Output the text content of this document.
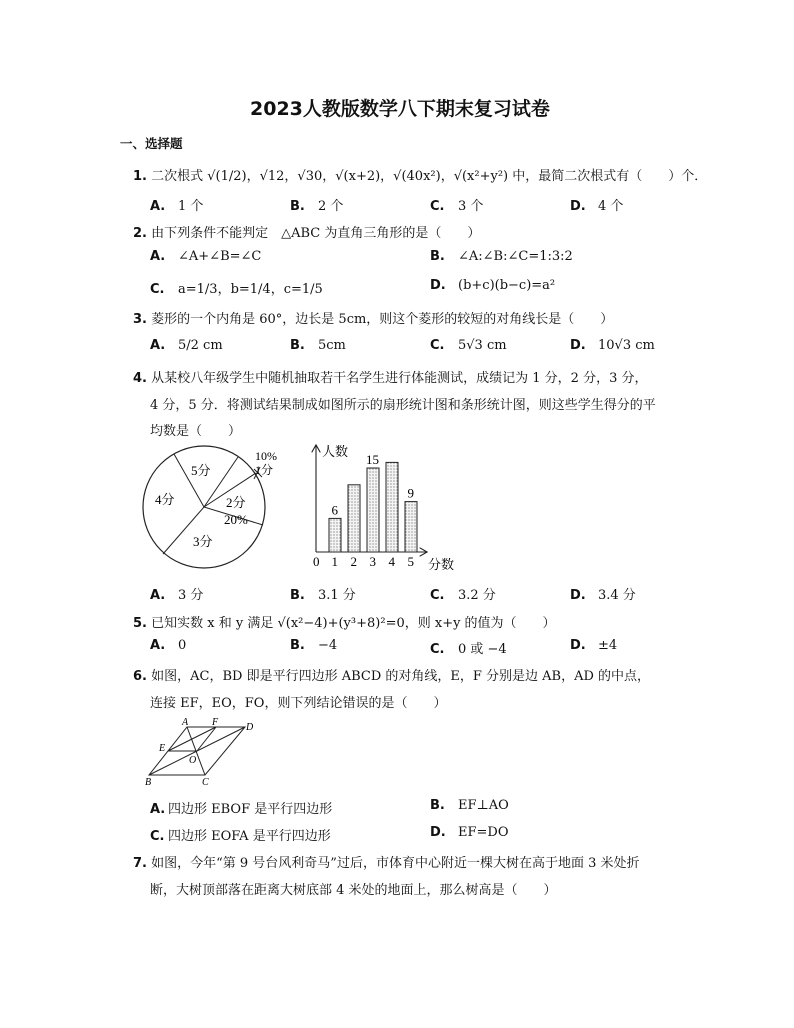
2023人教版数学八下期末复习试卷
一、选择题
1. 二次根式 √(1/2)，√12，√30，√(x+2)，√(40x²)，√(x²+y²) 中，最简二次根式有（　　）个．
A. 1 个	B. 2 个	C. 3 个	D. 4 个
2. 由下列条件不能判定　△ABC 为直角三角形的是（　　）
A. ∠A+∠B=∠C	B. ∠A:∠B:∠C=1:3:2
C. a=1/3，b=1/4，c=1/5	D. (b+c)(b−c)=a²
3. 菱形的一个内角是 60°，边长是 5cm，则这个菱形的较短的对角线长是（　　）
A. 5/2 cm	B. 5cm	C. 5√3 cm	D. 10√3 cm
4. 从某校八年级学生中随机抽取若干名学生进行体能测试，成绩记为 1 分，2 分，3 分，
4 分，5 分．将测试结果制成如图所示的扇形统计图和条形统计图，则这些学生得分的平
均数是（　　）
5分	1分
10%
2分
20%
3分
4分
人数
分数
0 1
6
2 3
15
4 5
9
A. 3 分	B. 3.1 分	C. 3.2 分	D. 3.4 分
5. 已知实数 x 和 y 满足 √(x²−4)+(y³+8)²=0，则 x+y 的值为（　　）
A. 0	B. −4	C. 0 或 −4	D. ±4
6. 如图，AC，BD 即是平行四边形 ABCD 的对角线，E，F 分别是边 AB，AD 的中点，
连接 EF，EO，FO，则下列结论错误的是（　　）
A F	D
E
O
B	C
A. 四边形 EBOF 是平行四边形	B. EF⊥AO
C. 四边形 EOFA 是平行四边形	D. EF=DO
7. 如图，今年“第 9 号台风利奇马”过后，市体育中心附近一棵大树在高于地面 3 米处折
断，大树顶部落在距离大树底部 4 米处的地面上，那么树高是（　　）
